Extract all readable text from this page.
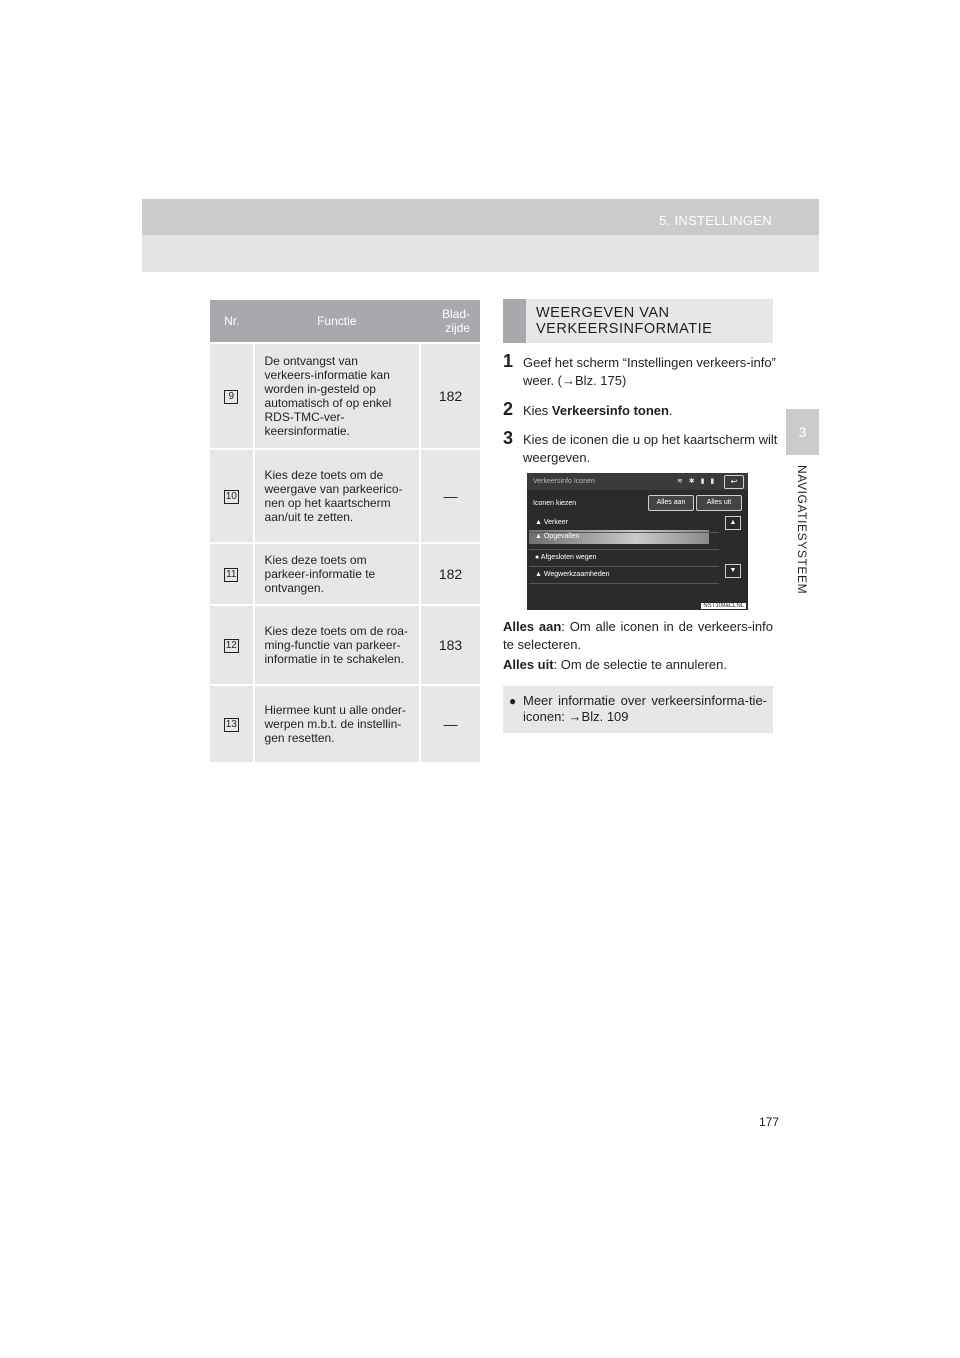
5. INSTELLINGEN
3
NAVIGATIESYSTEEM
Nr.	Functie	Blad-
zijde
9	De ontvangst van verkeers-informatie kan worden in-gesteld op automatisch of op enkel RDS-TMC-ver-keersinformatie.	182
10	Kies deze toets om de weergave van parkeerico-nen op het kaartscherm aan/uit te zetten.	—
11	Kies deze toets om parkeer-informatie te ontvangen.	182
12	Kies deze toets om de roa-ming-functie van parkeer-informatie in te schakelen.	183
13	Hiermee kunt u alle onder-werpen m.b.t. de instellin-gen resetten.	—
WEERGEVEN VAN
VERKEERSINFORMATIE
1 Geef het scherm “Instellingen verkeers-info” weer. (→Blz. 175)
2 Kies Verkeersinfo tonen.
3 Kies de iconen die u op het kaartscherm wilt weergeven.
Verkeersinfo Iconen	≋ ✱ ▮ ▮	↩
Iconen kiezen	Alles aan	Alles uit
▲ Verkeer
▲ Opgevallen
● Afgesloten wegen
▲ Wegwerkzaamheden
▲
▼
NST109aCLNL
Alles aan: Om alle iconen in de verkeers-info te selecteren.
Alles uit: Om de selectie te annuleren.
● Meer informatie over verkeersinforma-tie-iconen: →Blz. 109
177
